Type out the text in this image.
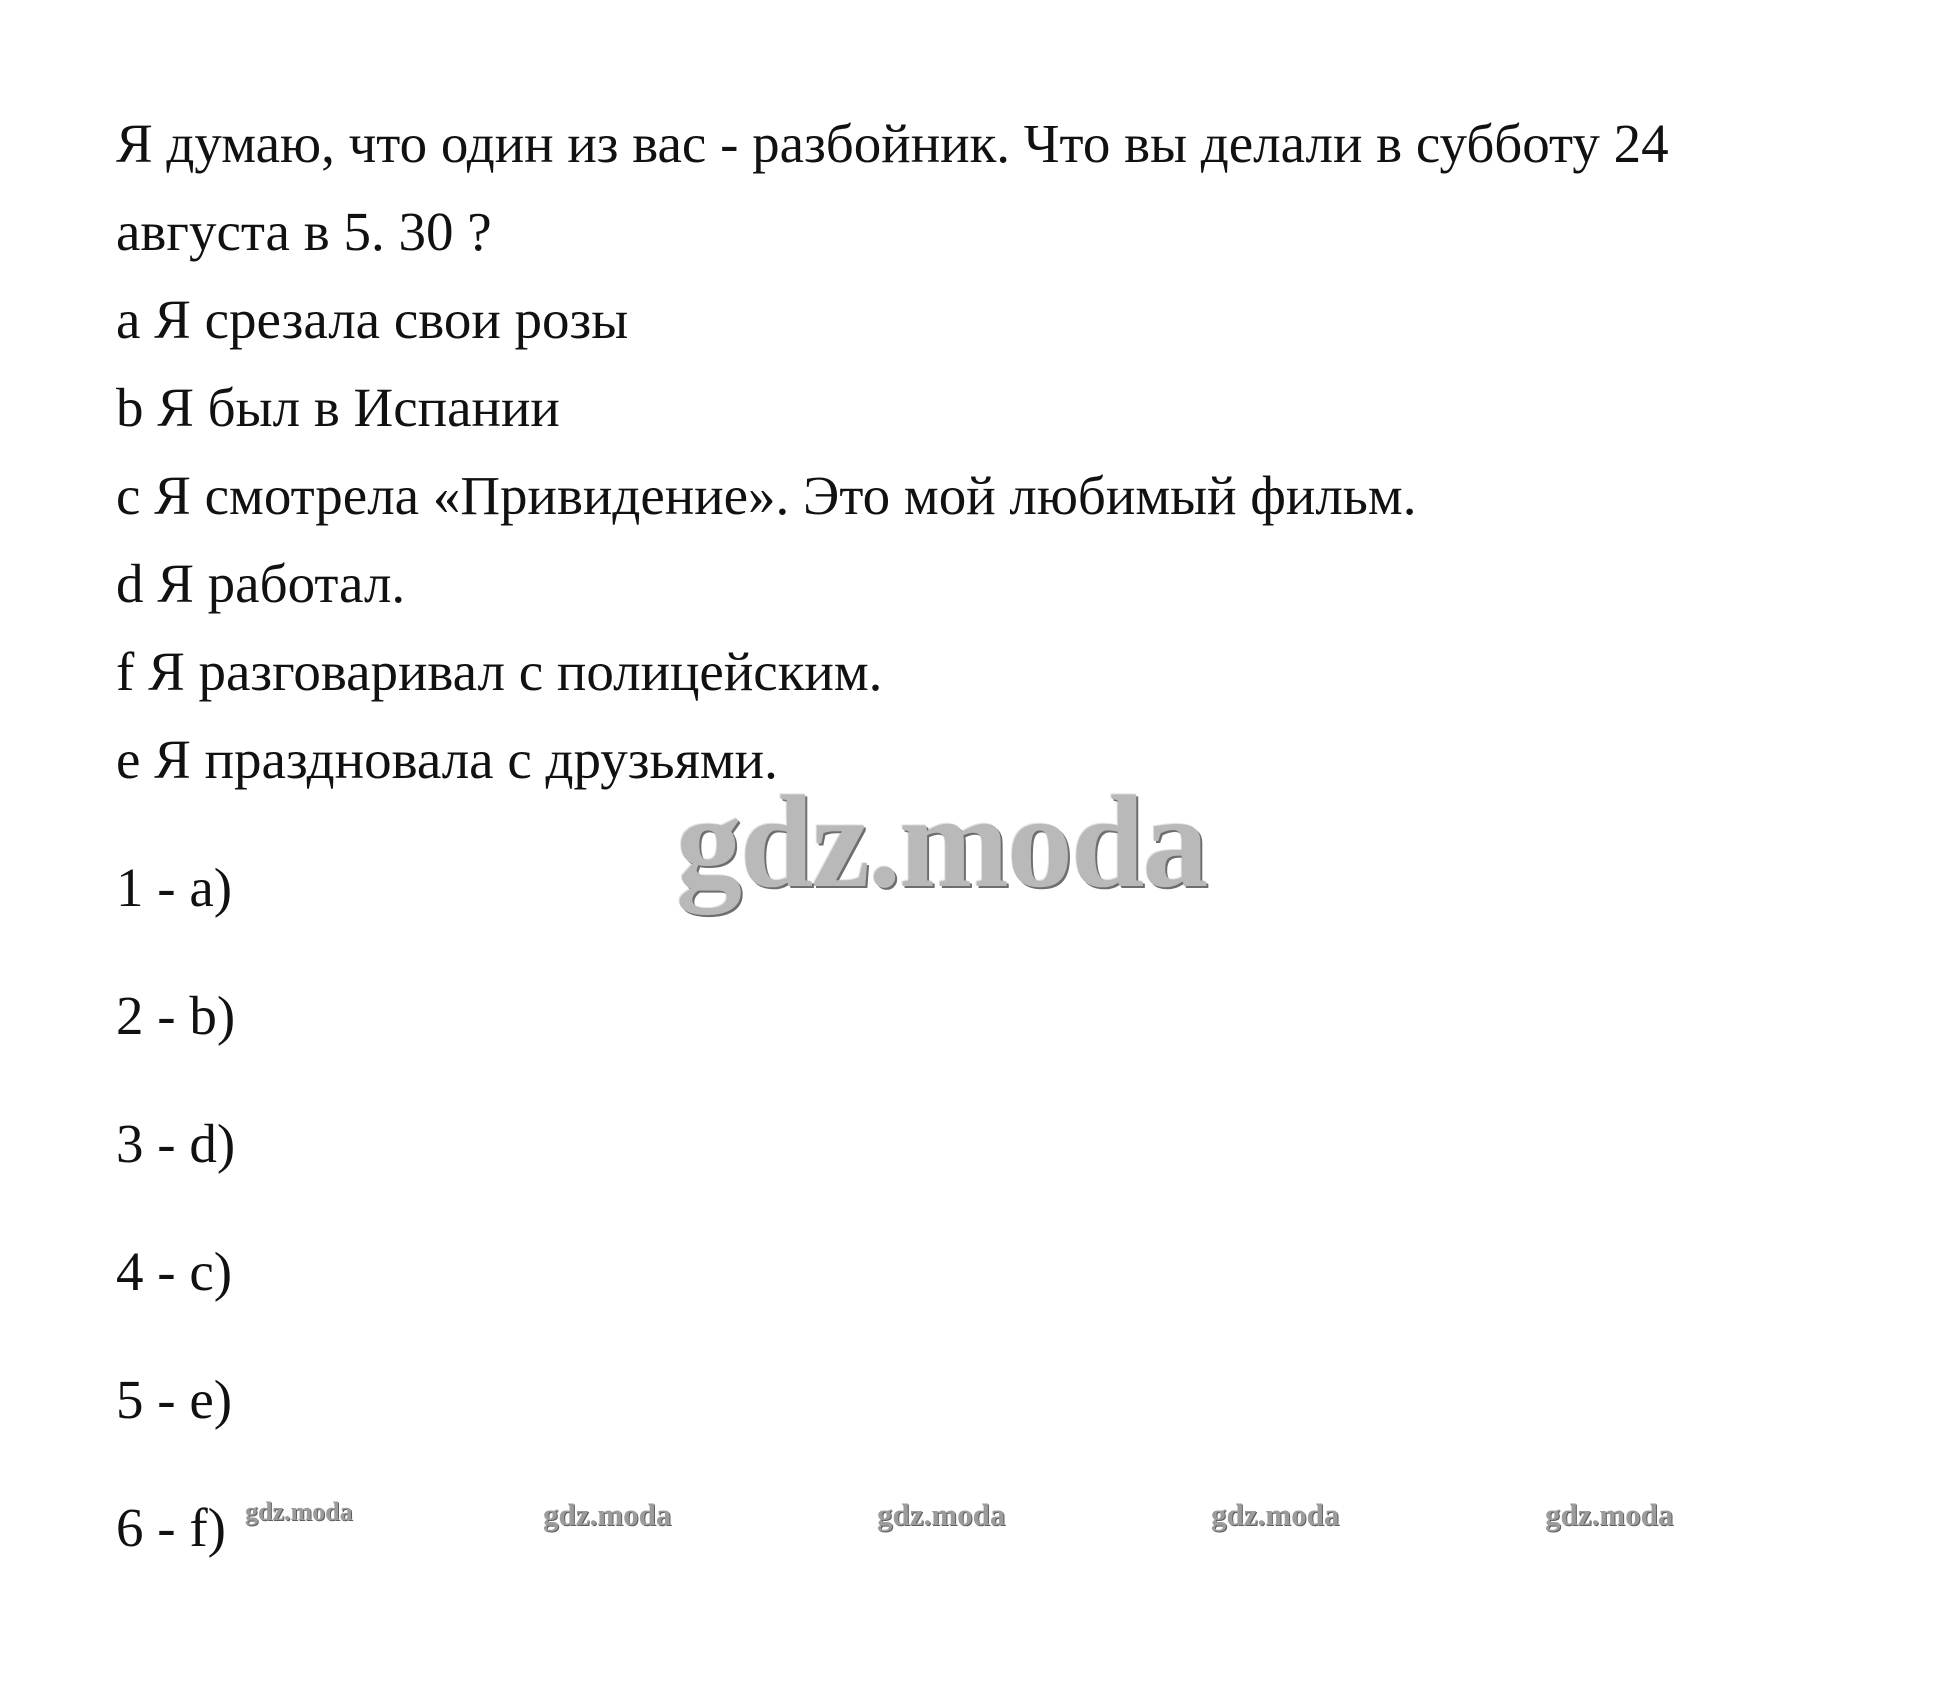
Я думаю, что один из вас - разбойник. Что вы делали в субботу 24
августа в 5. 30 ?
a Я срезала свои розы
b Я был в Испании
c Я смотрела «Привидение». Это мой любимый фильм.
d Я работал.
f Я разговаривал с полицейским.
e Я праздновала с друзьями.
gdz.moda
1 - a)
2 - b)
3 - d)
4 - c)
5 - e)
6 - f) gdz.moda	gdz.moda	gdz.moda	gdz.moda	gdz.moda
